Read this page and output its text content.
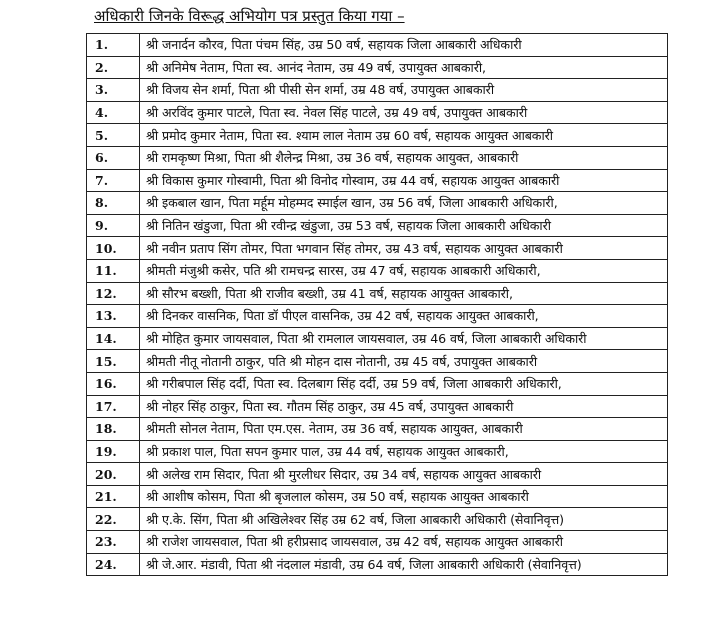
अधिकारी जिनके विरूद्ध अभियोग पत्र प्रस्तुत किया गया –
1.	श्री जनार्दन कौरव, पिता पंचम सिंह, उम्र 50 वर्ष, सहायक जिला आबकारी अधिकारी
2.	श्री अनिमेष नेताम, पिता स्व. आनंद नेताम, उम्र 49 वर्ष, उपायुक्त आबकारी,
3.	श्री विजय सेन शर्मा, पिता श्री पीसी सेन शर्मा, उम्र 48 वर्ष, उपायुक्त आबकारी
4.	श्री अरविंद कुमार पाटले, पिता स्व. नेवल सिंह पाटले, उम्र 49 वर्ष, उपायुक्त आबकारी
5.	श्री प्रमोद कुमार नेताम, पिता स्व. श्याम लाल नेताम उम्र 60 वर्ष, सहायक आयुक्त आबकारी
6.	श्री रामकृष्ण मिश्रा, पिता श्री शैलेन्द्र मिश्रा, उम्र 36 वर्ष, सहायक आयुक्त, आबकारी
7.	श्री विकास कुमार गोस्वामी, पिता श्री विनोद गोस्वाम, उम्र 44 वर्ष, सहायक आयुक्त आबकारी
8.	श्री इकबाल खान, पिता मर्हूम मोहम्मद स्माईल खान, उम्र 56 वर्ष, जिला आबकारी अधिकारी,
9.	श्री नितिन खंडुजा, पिता श्री रवीन्द्र खंडुजा, उम्र 53 वर्ष, सहायक जिला आबकारी अधिकारी
10.	श्री नवीन प्रताप सिंग तोमर, पिता भगवान सिंह तोमर, उम्र 43 वर्ष, सहायक आयुक्त आबकारी
11.	श्रीमती मंजुश्री कसेर, पति श्री रामचन्द्र सारस, उम्र 47 वर्ष, सहायक आबकारी अधिकारी,
12.	श्री सौरभ बख्शी, पिता श्री राजीव बख्शी, उम्र 41 वर्ष, सहायक आयुक्त आबकारी,
13.	श्री दिनकर वासनिक, पिता डॉ पीएल वासनिक, उम्र 42 वर्ष, सहायक आयुक्त आबकारी,
14.	श्री मोहित कुमार जायसवाल, पिता श्री रामलाल जायसवाल, उम्र 46 वर्ष, जिला आबकारी अधिकारी
15.	श्रीमती नीतू नोतानी ठाकुर, पति श्री मोहन दास नोतानी, उम्र 45 वर्ष, उपायुक्त आबकारी
16.	श्री गरीबपाल सिंह दर्दी, पिता स्व. दिलबाग सिंह दर्दी, उम्र 59 वर्ष, जिला आबकारी अधिकारी,
17.	श्री नोहर सिंह ठाकुर, पिता स्व. गौतम सिंह ठाकुर, उम्र 45 वर्ष, उपायुक्त आबकारी
18.	श्रीमती सोनल नेताम, पिता एम.एस. नेताम, उम्र 36 वर्ष, सहायक आयुक्त, आबकारी
19.	श्री प्रकाश पाल, पिता सपन कुमार पाल, उम्र 44 वर्ष, सहायक आयुक्त आबकारी,
20.	श्री अलेख राम सिदार, पिता श्री मुरलीधर सिदार, उम्र 34 वर्ष, सहायक आयुक्त आबकारी
21.	श्री आशीष कोसम, पिता श्री बृजलाल कोसम, उम्र 50 वर्ष, सहायक आयुक्त आबकारी
22.	श्री ए.के. सिंग, पिता श्री अखिलेश्वर सिंह उम्र 62 वर्ष, जिला आबकारी अधिकारी (सेवानिवृत्त)
23.	श्री राजेश जायसवाल, पिता श्री हरीप्रसाद जायसवाल, उम्र 42 वर्ष, सहायक आयुक्त आबकारी
24.	श्री जे.आर. मंडावी, पिता श्री नंदलाल मंडावी, उम्र 64 वर्ष, जिला आबकारी अधिकारी (सेवानिवृत्त)
